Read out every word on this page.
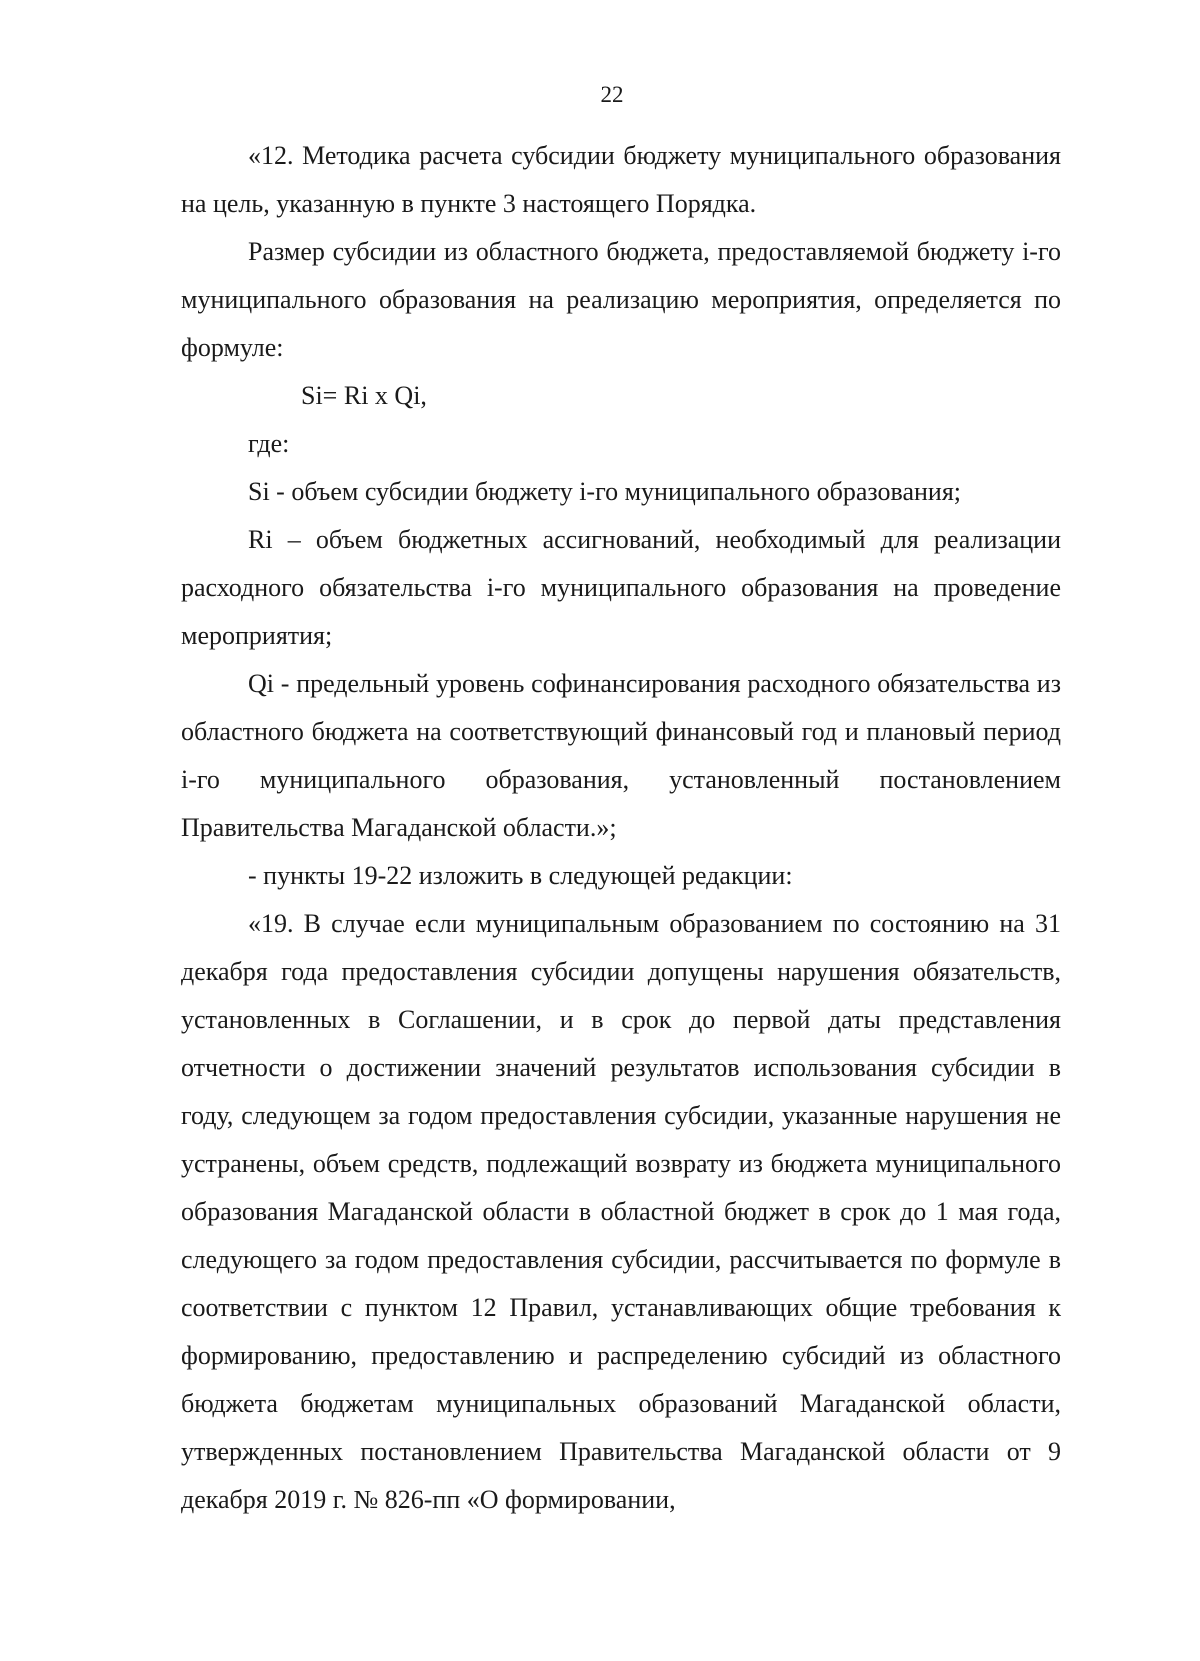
22

«12. Методика расчета субсидии бюджету муниципального образования на цель, указанную в пункте 3 настоящего Порядка.

Размер субсидии из областного бюджета, предоставляемой бюджету i-го муниципального образования на реализацию мероприятия, определяется по формуле:

Si= Ri x Qi,

где:

Si - объем субсидии бюджету i-го муниципального образования;

Ri – объем бюджетных ассигнований, необходимый для реализации расходного обязательства i-го муниципального образования на проведение мероприятия;

Qi - предельный уровень софинансирования расходного обязательства из областного бюджета на соответствующий финансовый год и плановый период i-го муниципального образования, установленный постановлением Правительства Магаданской области.»;

- пункты 19-22 изложить в следующей редакции:

«19. В случае если муниципальным образованием по состоянию на 31 декабря года предоставления субсидии допущены нарушения обязательств, установленных в Соглашении, и в срок до первой даты представления отчетности о достижении значений результатов использования субсидии в году, следующем за годом предоставления субсидии, указанные нарушения не устранены, объем средств, подлежащий возврату из бюджета муниципального образования Магаданской области в областной бюджет в срок до 1 мая года, следующего за годом предоставления субсидии, рассчитывается по формуле в соответствии с пунктом 12 Правил, устанавливающих общие требования к формированию, предоставлению и распределению субсидий из областного бюджета бюджетам муниципальных образований Магаданской области, утвержденных постановлением Правительства Магаданской области от 9 декабря 2019 г. № 826-пп «О формировании,
